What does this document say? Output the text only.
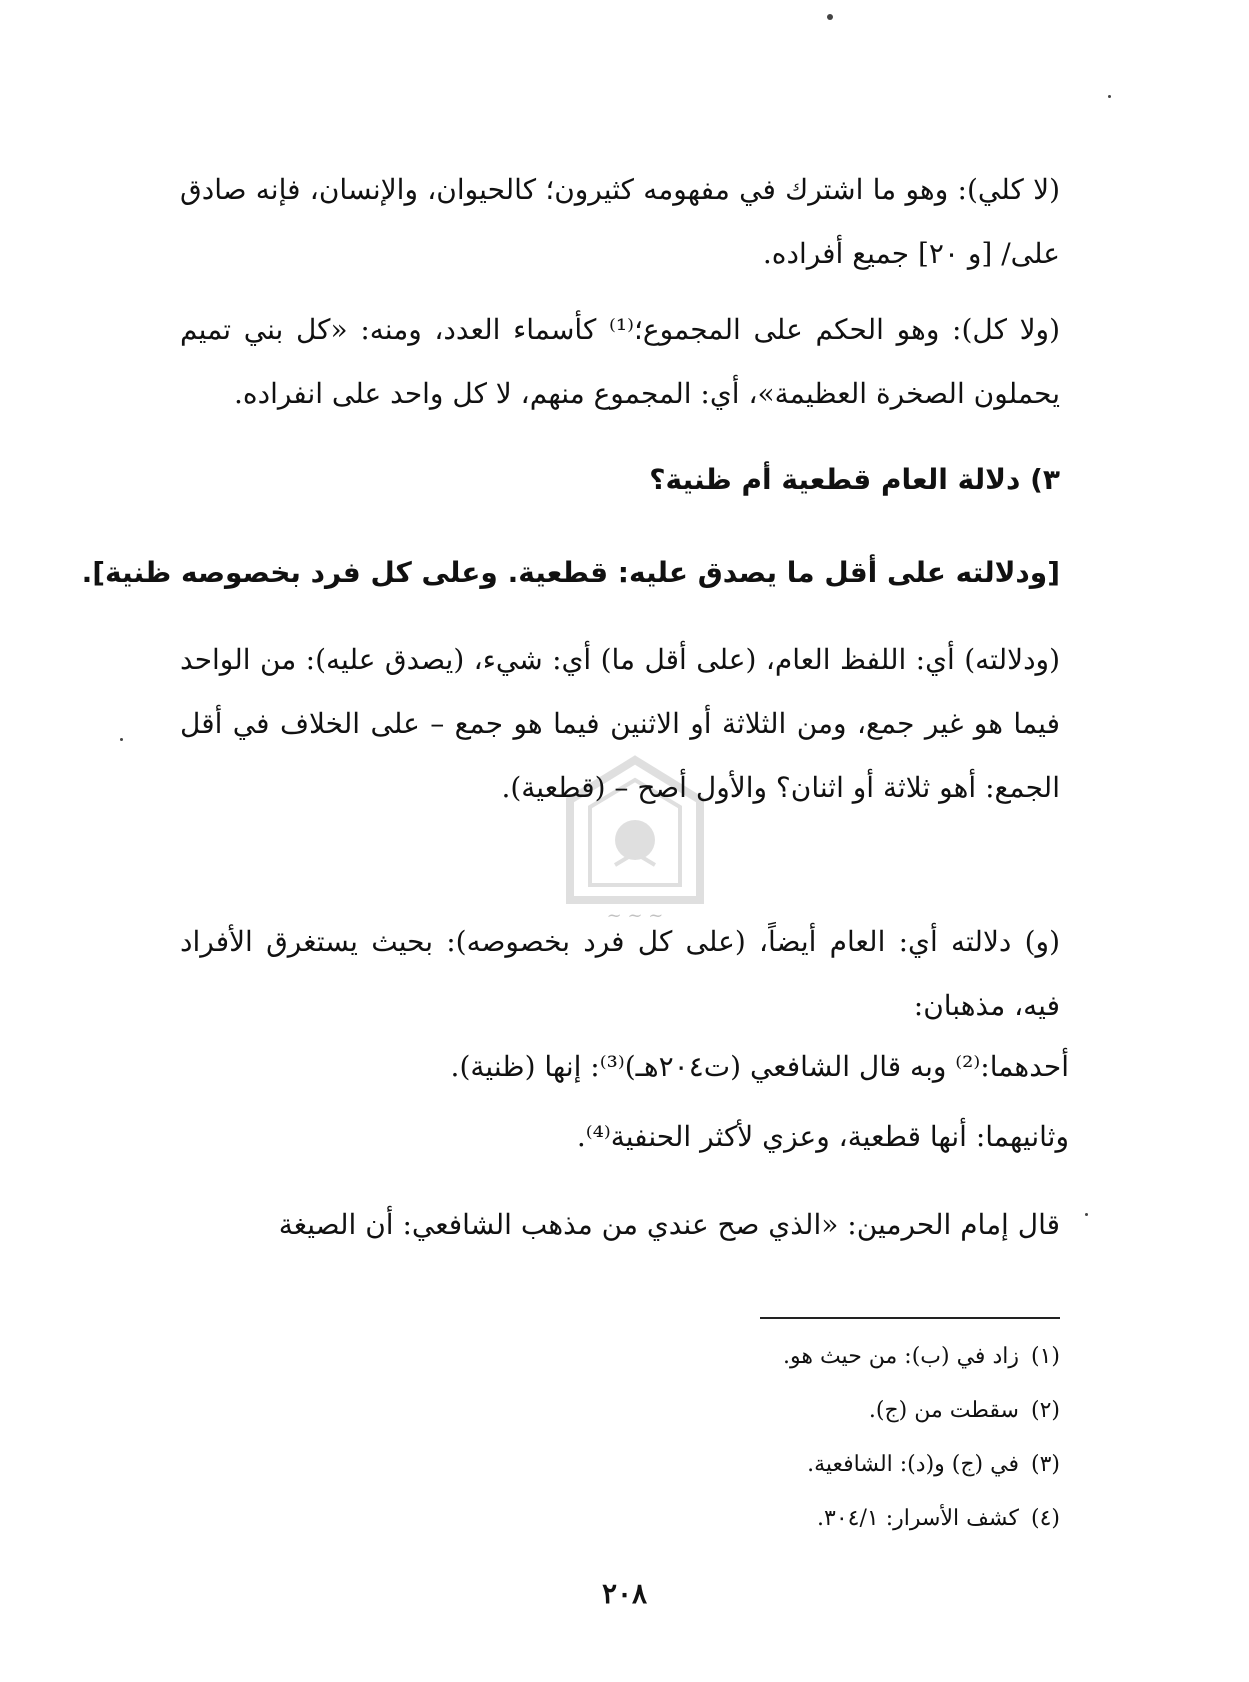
~ ~ ~
(لا كلي): وهو ما اشترك في مفهومه كثيرون؛ كالحيوان، والإنسان، فإنه صادق على/ [و ٢٠] جميع أفراده.
(ولا كل): وهو الحكم على المجموع؛⁽¹⁾ كأسماء العدد، ومنه: «كل بني تميم يحملون الصخرة العظيمة»، أي: المجموع منهم، لا كل واحد على انفراده.
٣) دلالة العام قطعية أم ظنية؟
[ودلالته على أقل ما يصدق عليه: قطعية. وعلى كل فرد بخصوصه ظنية].
(ودلالته) أي: اللفظ العام، (على أقل ما) أي: شيء، (يصدق عليه): من الواحد فيما هو غير جمع، ومن الثلاثة أو الاثنين فيما هو جمع – على الخلاف في أقل الجمع: أهو ثلاثة أو اثنان؟ والأول أصح – (قطعية).
(و) دلالته أي: العام أيضاً، (على كل فرد بخصوصه): بحيث يستغرق الأفراد فيه، مذهبان:
أحدهما:⁽²⁾ وبه قال الشافعي (ت٢٠٤هـ)⁽³⁾: إنها (ظنية).
وثانيهما: أنها قطعية، وعزي لأكثر الحنفية⁽⁴⁾.
قال إمام الحرمين: «الذي صح عندي من مذهب الشافعي: أن الصيغة
(١)زاد في (ب): من حيث هو.
(٢)سقطت من (ج).
(٣)في (ج) و(د): الشافعية.
(٤)كشف الأسرار: ٣٠٤/١.
٢٠٨
